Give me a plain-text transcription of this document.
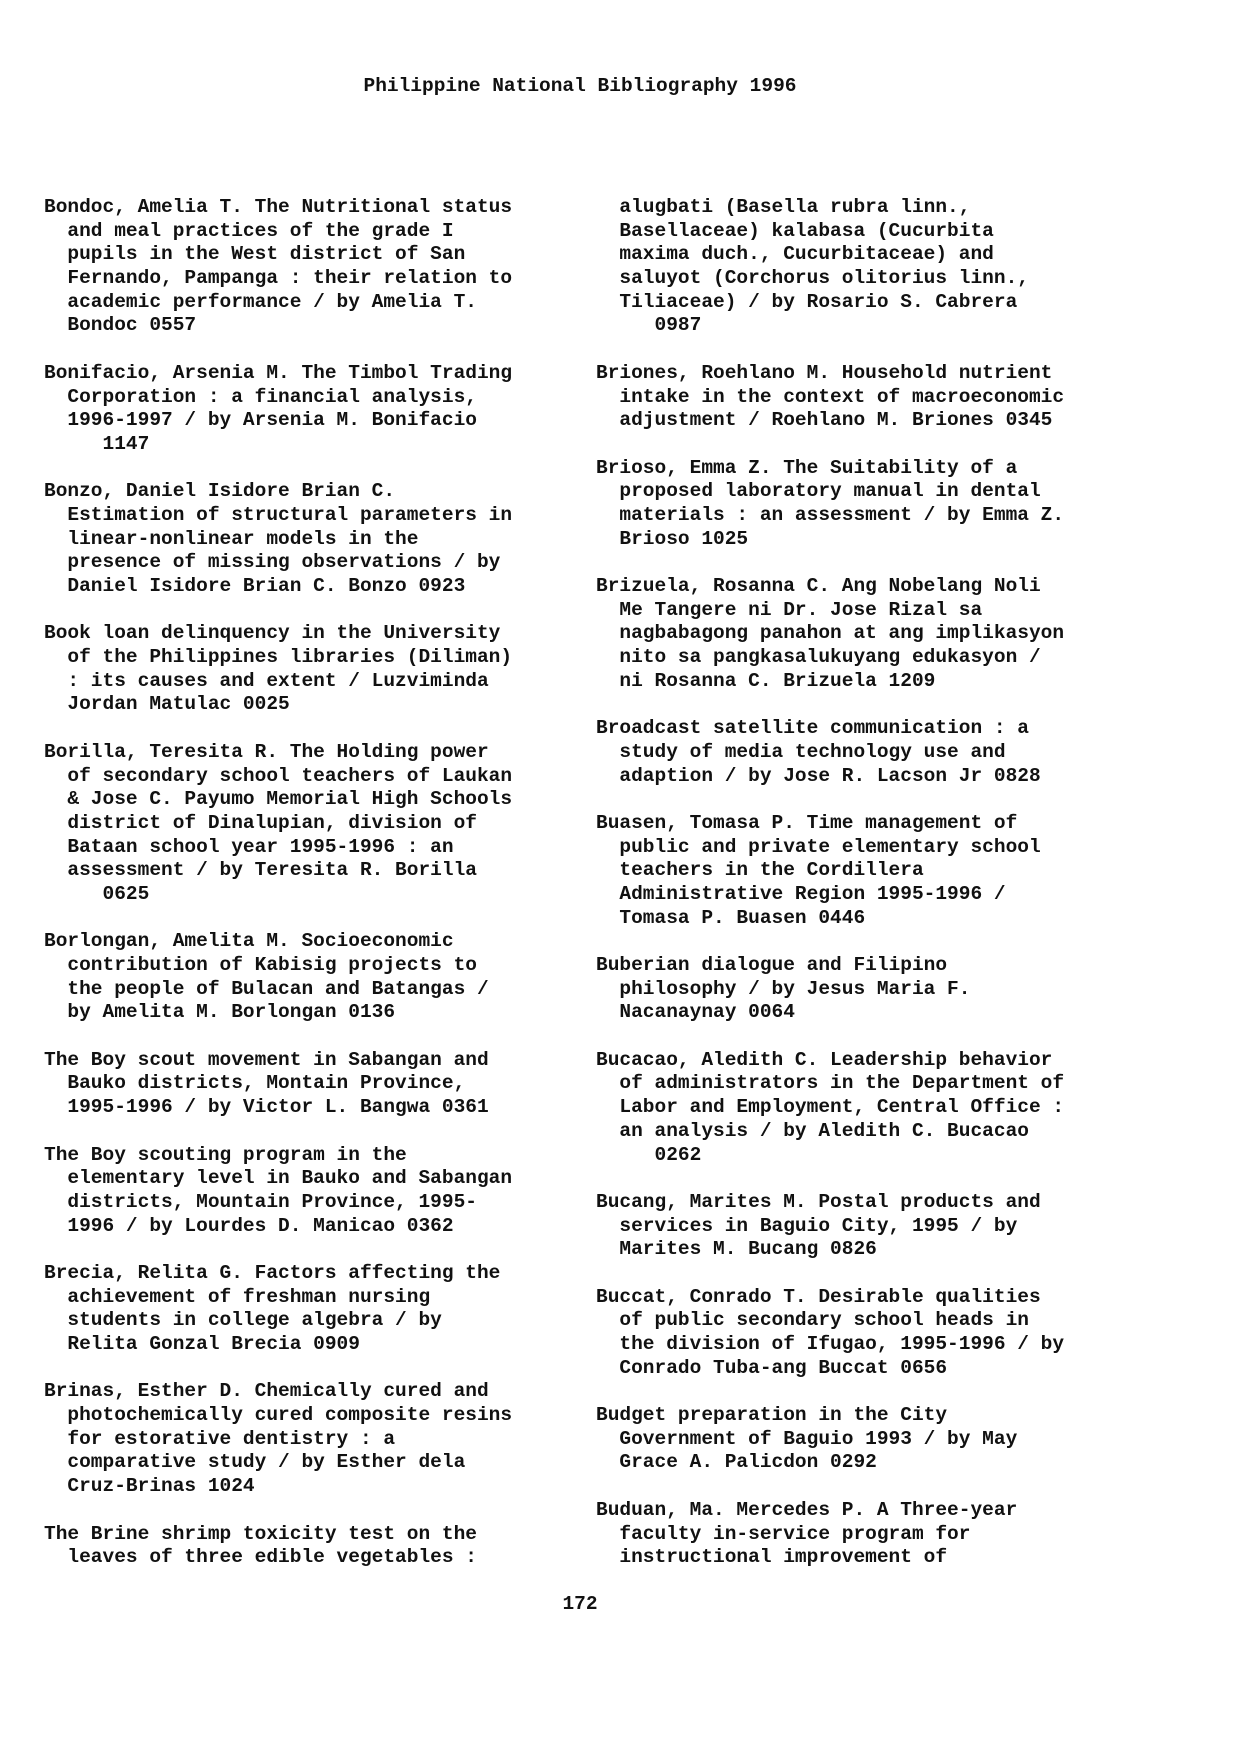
Philippine National Bibliography 1996
Bondoc, Amelia T. The Nutritional status
and meal practices of the grade I
pupils in the West district of San
Fernando, Pampanga : their relation to
academic performance / by Amelia T.
Bondoc 0557
Bonifacio, Arsenia M. The Timbol Trading
Corporation : a financial analysis,
1996-1997 / by Arsenia M. Bonifacio
1147
Bonzo, Daniel Isidore Brian C.
Estimation of structural parameters in
linear-nonlinear models in the
presence of missing observations / by
Daniel Isidore Brian C. Bonzo 0923
Book loan delinquency in the University
of the Philippines libraries (Diliman)
: its causes and extent / Luzviminda
Jordan Matulac 0025
Borilla, Teresita R. The Holding power
of secondary school teachers of Laukan
& Jose C. Payumo Memorial High Schools
district of Dinalupian, division of
Bataan school year 1995-1996 : an
assessment / by Teresita R. Borilla
0625
Borlongan, Amelita M. Socioeconomic
contribution of Kabisig projects to
the people of Bulacan and Batangas /
by Amelita M. Borlongan 0136
The Boy scout movement in Sabangan and
Bauko districts, Montain Province,
1995-1996 / by Victor L. Bangwa 0361
The Boy scouting program in the
elementary level in Bauko and Sabangan
districts, Mountain Province, 1995-
1996 / by Lourdes D. Manicao 0362
Brecia, Relita G. Factors affecting the
achievement of freshman nursing
students in college algebra / by
Relita Gonzal Brecia 0909
Brinas, Esther D. Chemically cured and
photochemically cured composite resins
for estorative dentistry : a
comparative study / by Esther dela
Cruz-Brinas 1024
The Brine shrimp toxicity test on the
leaves of three edible vegetables :
alugbati (Basella rubra linn.,
Basellaceae) kalabasa (Cucurbita
maxima duch., Cucurbitaceae) and
saluyot (Corchorus olitorius linn.,
Tiliaceae) / by Rosario S. Cabrera
0987
Briones, Roehlano M. Household nutrient
intake in the context of macroeconomic
adjustment / Roehlano M. Briones 0345
Brioso, Emma Z. The Suitability of a
proposed laboratory manual in dental
materials : an assessment / by Emma Z.
Brioso 1025
Brizuela, Rosanna C. Ang Nobelang Noli
Me Tangere ni Dr. Jose Rizal sa
nagbabagong panahon at ang implikasyon
nito sa pangkasalukuyang edukasyon /
ni Rosanna C. Brizuela 1209
Broadcast satellite communication : a
study of media technology use and
adaption / by Jose R. Lacson Jr 0828
Buasen, Tomasa P. Time management of
public and private elementary school
teachers in the Cordillera
Administrative Region 1995-1996 /
Tomasa P. Buasen 0446
Buberian dialogue and Filipino
philosophy / by Jesus Maria F.
Nacanaynay 0064
Bucacao, Aledith C. Leadership behavior
of administrators in the Department of
Labor and Employment, Central Office :
an analysis / by Aledith C. Bucacao
0262
Bucang, Marites M. Postal products and
services in Baguio City, 1995 / by
Marites M. Bucang 0826
Buccat, Conrado T. Desirable qualities
of public secondary school heads in
the division of Ifugao, 1995-1996 / by
Conrado Tuba-ang Buccat 0656
Budget preparation in the City
Government of Baguio 1993 / by May
Grace A. Palicdon 0292
Buduan, Ma. Mercedes P. A Three-year
faculty in-service program for
instructional improvement of
172
